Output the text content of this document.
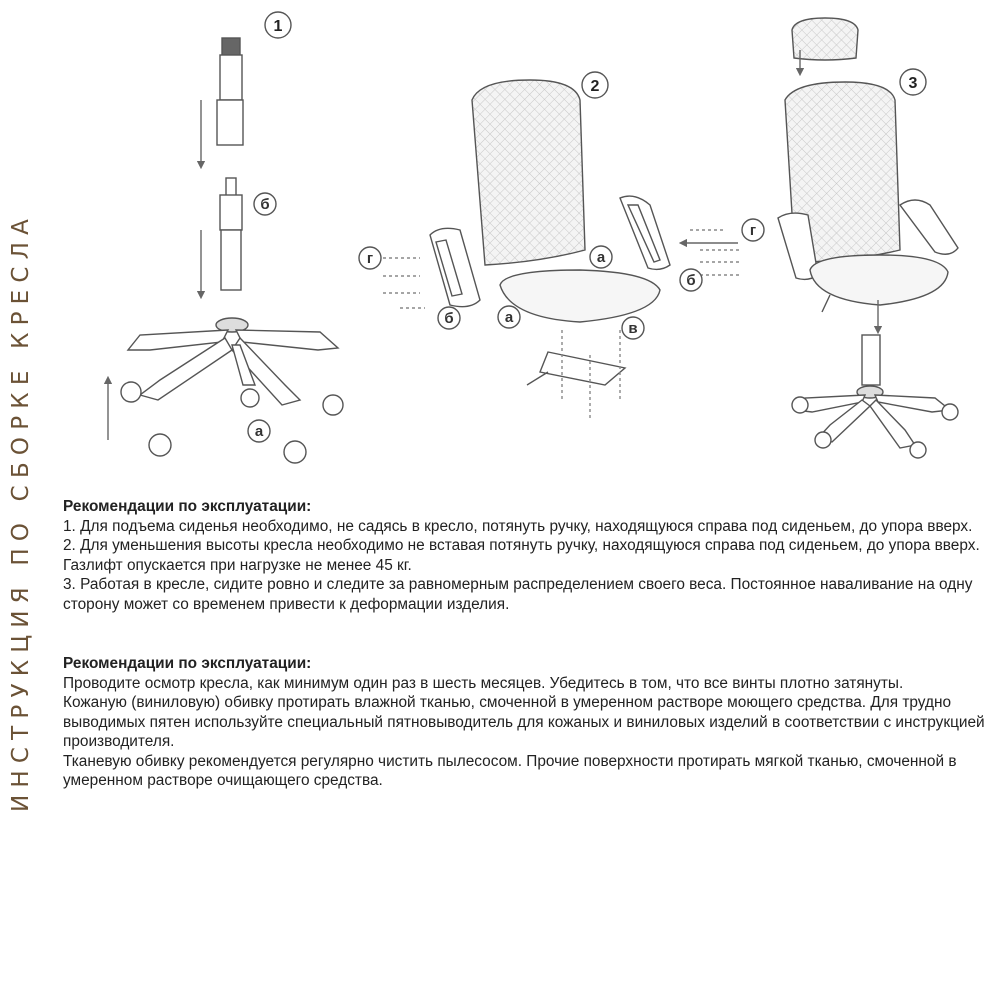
ИНСТРУКЦИЯ ПО СБОРКЕ КРЕСЛА
1
б
а
2
г
б	а
а
б
г
в
3
Рекомендации по эксплуатации:

1. Для подъема сиденья необходимо, не садясь в кресло, потянуть ручку, находящуюся справа под сиденьем, до упора вверх.

2. Для уменьшения высоты кресла необходимо не вставая потянуть ручку, находящуюся справа под сиденьем, до упора вверх. Газлифт опускается при нагрузке не менее 45 кг.

3. Работая в кресле, сидите ровно и следите за равномерным распределением своего веса. Постоянное наваливание на одну сторону может со временем привести к деформации изделия.

Рекомендации по эксплуатации:

Проводите осмотр кресла, как минимум один раз в шесть месяцев. Убедитесь в том, что все винты плотно затянуты.

Кожаную (виниловую) обивку протирать влажной тканью, смоченной в умеренном растворе моющего средства. Для трудно выводимых пятен используйте специальный пятновыводитель для кожаных и виниловых изделий в соответствии с инструкцией производителя.

Тканевую обивку рекомендуется регулярно чистить пылесосом. Прочие поверхности протирать мягкой тканью, смоченной в умеренном растворе очищающего средства.
